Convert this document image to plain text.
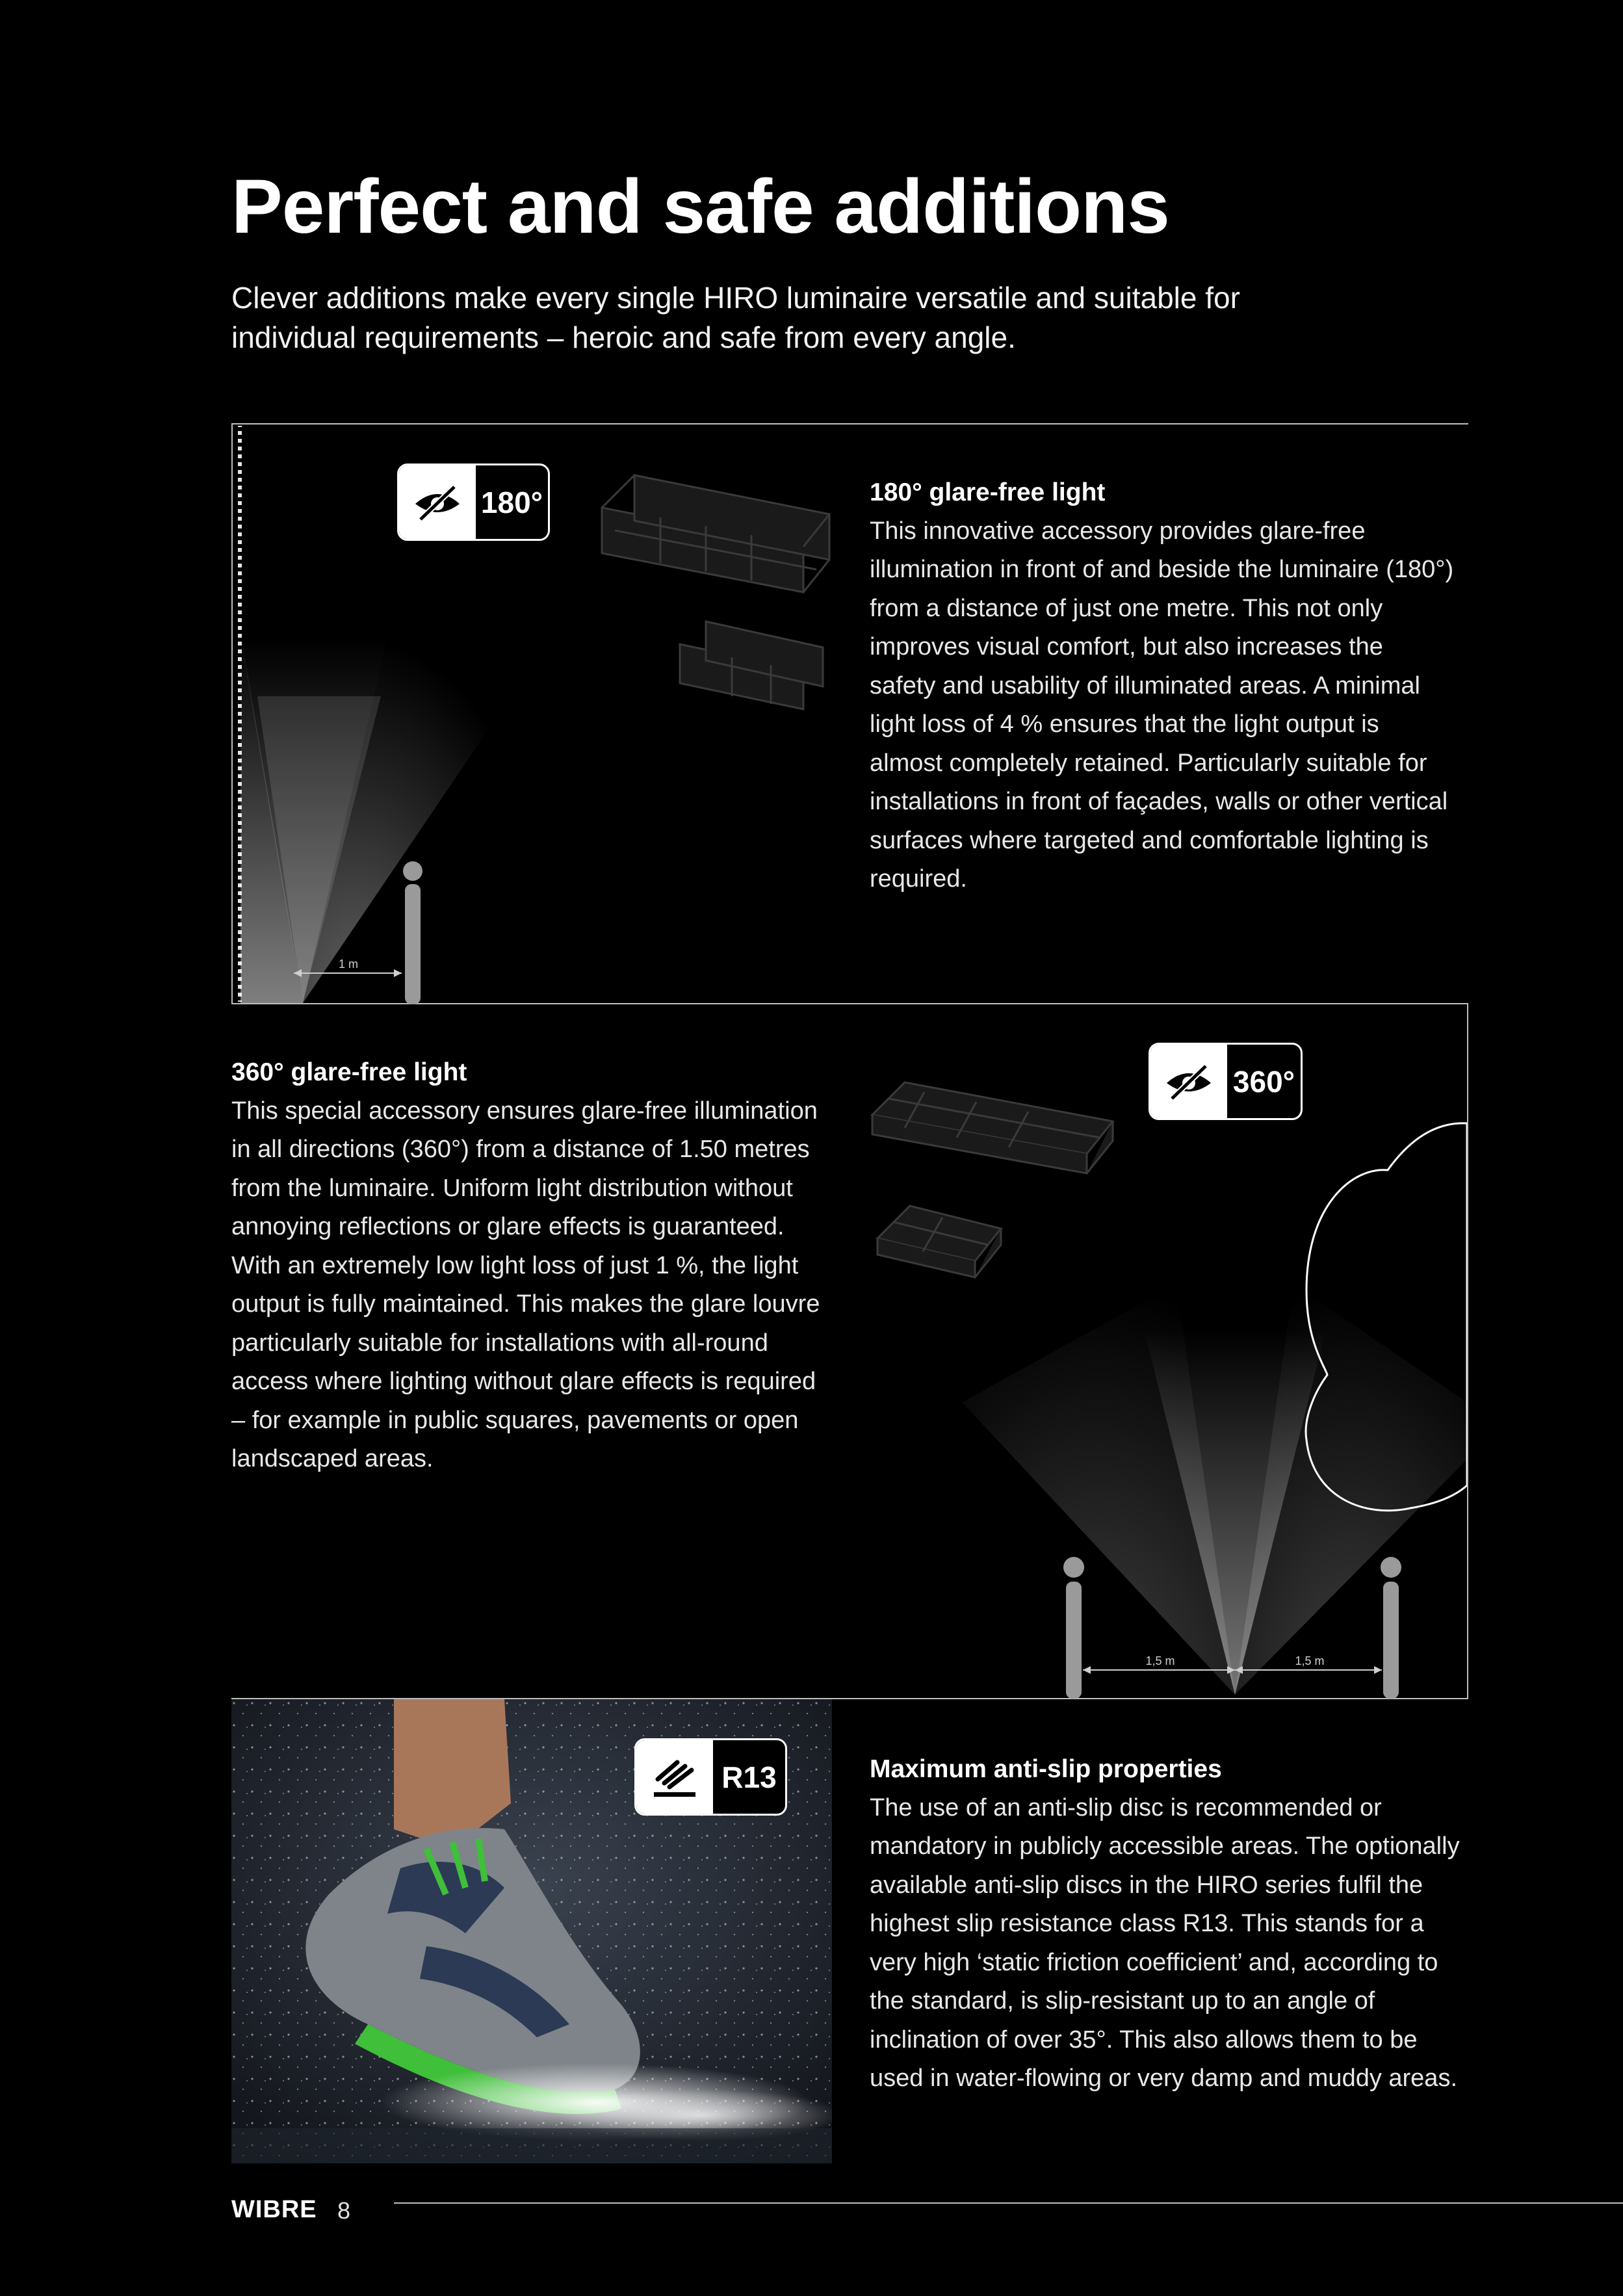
Perfect and safe additions

Clever additions make every single HIRO luminaire versatile and suitable for individual requirements – heroic and safe from every angle.

1 m
180°	180° glare-free light

This innovative accessory provides glare-free illumination in front of and beside the luminaire (180°) from a distance of just one metre. This not only improves visual comfort, but also increases the safety and usability of illuminated areas. A minimal light loss of 4 % ensures that the light output is almost completely retained. Particularly suitable for installations in front of façades, walls or other vertical surfaces where targeted and comfortable lighting is required.

360° glare-free light

This special accessory ensures glare-free illumination in all directions (360°) from a distance of 1.50 metres from the luminaire. Uniform light distribution without annoying reflections or glare effects is guaranteed. With an extremely low light loss of just 1 %, the light output is fully maintained. This makes the glare louvre particularly suitable for installations with all-round access where lighting without glare effects is required – for example in public squares, pavements or open landscaped areas.

1,5 m	1,5 m
360°
R13	Maximum anti-slip properties

The use of an anti-slip disc is recommended or mandatory in publicly accessible areas. The optionally available anti-slip discs in the HIRO series fulfil the highest slip resistance class R13. This stands for a very high ‘static friction coefficient’ and, according to the standard, is slip-resistant up to an angle of inclination of over 35°. This also allows them to be used in water-flowing or very damp and muddy areas.

WIBRE 8
